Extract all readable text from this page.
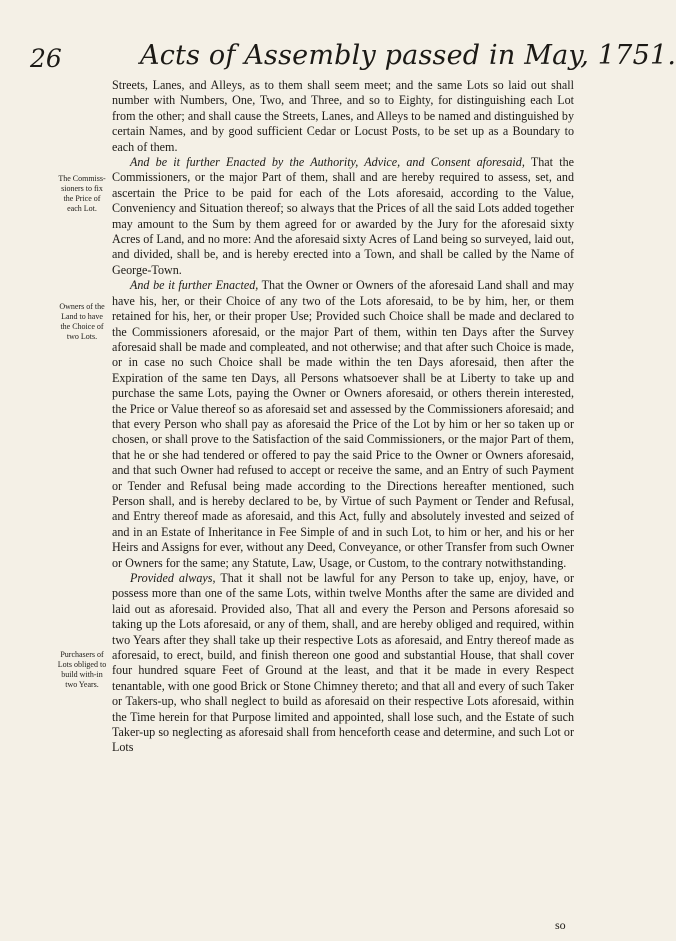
26	Acts of Assembly passed in May, 1751.
The Commiss-sioners to fix the Price of each Lot.
Owners of the Land to have the Choice of two Lots.
Purchasers of Lots obliged to build with-in two Years.

Streets, Lanes, and Alleys, as to them shall seem meet; and the same Lots so laid out shall number with Numbers, One, Two, and Three, and so to Eighty, for distinguishing each Lot from the other; and shall cause the Streets, Lanes, and Alleys to be named and distinguished by certain Names, and by good sufficient Cedar or Locust Posts, to be set up as a Boundary to each of them.

And be it further Enacted by the Authority, Advice, and Consent aforesaid, That the Commissioners, or the major Part of them, shall and are hereby required to assess, set, and ascertain the Price to be paid for each of the Lots aforesaid, according to the Value, Conveniency and Situation thereof; so always that the Prices of all the said Lots added together may amount to the Sum by them agreed for or awarded by the Jury for the aforesaid sixty Acres of Land, and no more: And the aforesaid sixty Acres of Land being so surveyed, laid out, and divided, shall be, and is hereby erected into a Town, and shall be called by the Name of George-Town.

And be it further Enacted, That the Owner or Owners of the aforesaid Land shall and may have his, her, or their Choice of any two of the Lots aforesaid, to be by him, her, or them retained for his, her, or their proper Use; Provided such Choice shall be made and declared to the Commissioners aforesaid, or the major Part of them, within ten Days after the Survey aforesaid shall be made and compleated, and not otherwise; and that after such Choice is made, or in case no such Choice shall be made within the ten Days aforesaid, then after the Expiration of the same ten Days, all Persons whatsoever shall be at Liberty to take up and purchase the same Lots, paying the Owner or Owners aforesaid, or others therein interested, the Price or Value thereof so as aforesaid set and assessed by the Commissioners aforesaid; and that every Person who shall pay as aforesaid the Price of the Lot by him or her so taken up or chosen, or shall prove to the Satisfaction of the said Commissioners, or the major Part of them, that he or she had tendered or offered to pay the said Price to the Owner or Owners aforesaid, and that such Owner had refused to accept or receive the same, and an Entry of such Payment or Tender and Refusal being made according to the Directions hereafter mentioned, such Person shall, and is hereby declared to be, by Virtue of such Payment or Tender and Refusal, and Entry thereof made as aforesaid, and this Act, fully and absolutely invested and seized of and in an Estate of Inheritance in Fee Simple of and in such Lot, to him or her, and his or her Heirs and Assigns for ever, without any Deed, Conveyance, or other Transfer from such Owner or Owners for the same; any Statute, Law, Usage, or Custom, to the contrary notwithstanding.

Provided always, That it shall not be lawful for any Person to take up, enjoy, have, or possess more than one of the same Lots, within twelve Months after the same are divided and laid out as aforesaid. Provided also, That all and every the Person and Persons aforesaid so taking up the Lots aforesaid, or any of them, shall, and are hereby obliged and required, within two Years after they shall take up their respective Lots as aforesaid, and Entry thereof made as aforesaid, to erect, build, and finish thereon one good and substantial House, that shall cover four hundred square Feet of Ground at the least, and that it be made in every Respect tenantable, with one good Brick or Stone Chimney thereto; and that all and every of such Taker or Takers-up, who shall neglect to build as aforesaid on their respective Lots aforesaid, within the Time herein for that Purpose limited and appointed, shall lose such, and the Estate of such Taker-up so neglecting as aforesaid shall from henceforth cease and determine, and such Lot or Lots

so
